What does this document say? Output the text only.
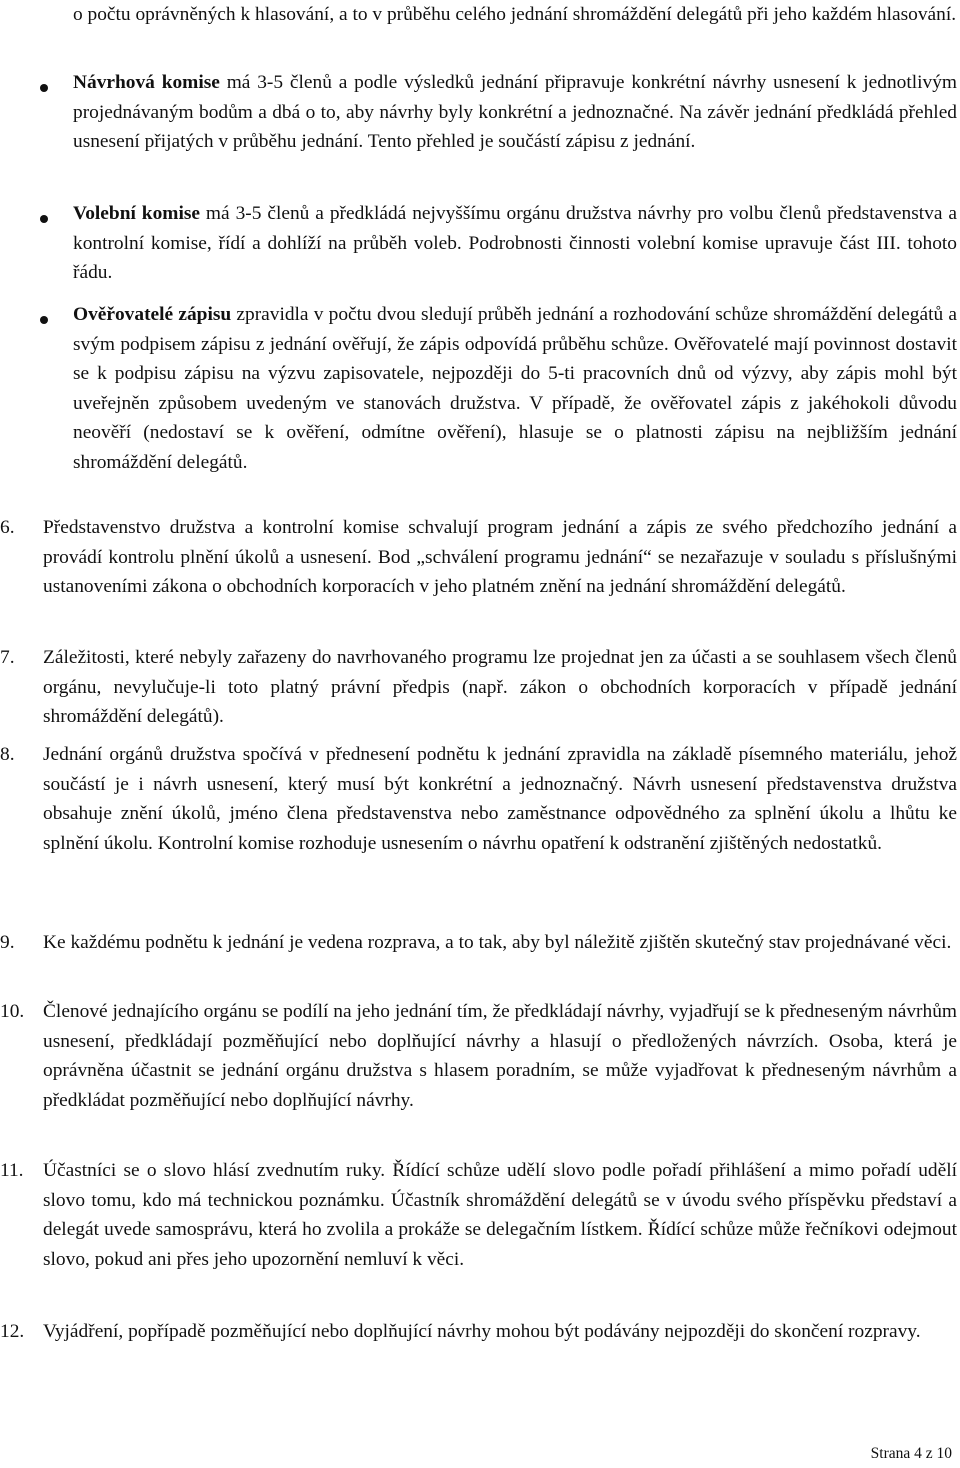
o počtu oprávněných k hlasování, a to v průběhu celého jednání shromáždění delegátů při jeho každém hlasování.

Návrhová komise má 3-5 členů a podle výsledků jednání připravuje konkrétní návrhy usnesení k jednotlivým projednávaným bodům a dbá o to, aby návrhy byly konkrétní a jednoznačné. Na závěr jednání předkládá přehled usnesení přijatých v průběhu jednání. Tento přehled je součástí zápisu z jednání.

Volební komise má 3-5 členů a předkládá nejvyššímu orgánu družstva návrhy pro volbu členů představenstva a kontrolní komise, řídí a dohlíží na průběh voleb. Podrobnosti činnosti volební komise upravuje část III. tohoto řádu.

Ověřovatelé zápisu zpravidla v počtu dvou sledují průběh jednání a rozhodování schůze shromáždění delegátů a svým podpisem zápisu z jednání ověřují, že zápis odpovídá průběhu schůze. Ověřovatelé mají povinnost dostavit se k podpisu zápisu na výzvu zapisovatele, nejpozději do 5-ti pracovních dnů od výzvy, aby zápis mohl být uveřejněn způsobem uvedeným ve stanovách družstva. V případě, že ověřovatel zápis z jakéhokoli důvodu neověří (nedostaví se k ověření, odmítne ověření), hlasuje se o platnosti zápisu na nejbližším jednání shromáždění delegátů.

6.	Představenstvo družstva a kontrolní komise schvalují program jednání a zápis ze svého předchozího jednání a provádí kontrolu plnění úkolů a usnesení. Bod „schválení programu jednání“ se nezařazuje v souladu s příslušnými ustanoveními zákona o obchodních korporacích v jeho platném znění na jednání shromáždění delegátů.

7.	Záležitosti, které nebyly zařazeny do navrhovaného programu lze projednat jen za účasti a se souhlasem všech členů orgánu, nevylučuje-li toto platný právní předpis (např. zákon o obchodních korporacích v případě jednání shromáždění delegátů).

8.	Jednání orgánů družstva spočívá v přednesení podnětu k jednání zpravidla na základě písemného materiálu, jehož součástí je i návrh usnesení, který musí být konkrétní a jednoznačný. Návrh usnesení představenstva družstva obsahuje znění úkolů, jméno člena představenstva nebo zaměstnance odpovědného za splnění úkolu a lhůtu ke splnění úkolu. Kontrolní komise rozhoduje usnesením o návrhu opatření k odstranění zjištěných nedostatků.

9.	Ke každému podnětu k jednání je vedena rozprava, a to tak, aby byl náležitě zjištěn skutečný stav projednávané věci.

10. Členové jednajícího orgánu se podílí na jeho jednání tím, že předkládají návrhy, vyjadřují se k předneseným návrhům usnesení, předkládají pozměňující nebo doplňující návrhy a hlasují o předložených návrzích. Osoba, která je oprávněna účastnit se jednání orgánu družstva s hlasem poradním, se může vyjadřovat k předneseným návrhům a předkládat pozměňující nebo doplňující návrhy.

11.	Účastníci se o slovo hlásí zvednutím ruky. Řídící schůze udělí slovo podle pořadí přihlášení a mimo pořadí udělí slovo tomu, kdo má technickou poznámku. Účastník shromáždění delegátů se v úvodu svého příspěvku představí a delegát uvede samosprávu, která ho zvolila a prokáže se delegačním lístkem. Řídící schůze může řečníkovi odejmout slovo, pokud ani přes jeho upozornění nemluví k věci.

12. Vyjádření, popřípadě pozměňující nebo doplňující návrhy mohou být podávány nejpozději do skončení rozpravy.

Strana 4 z 10
